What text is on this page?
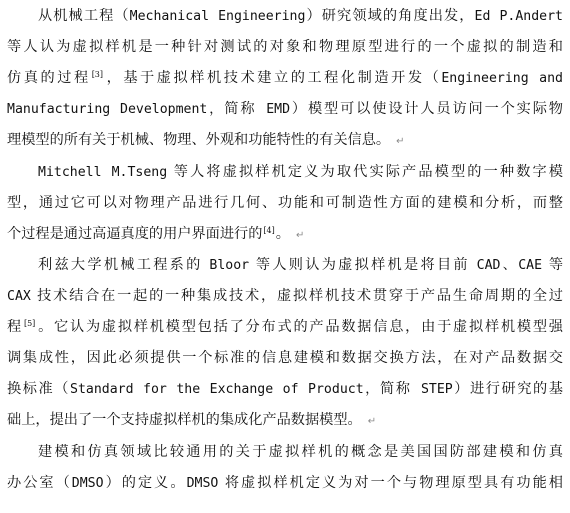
从机械工程（Mechanical Engineering）研究领域的角度出发，Ed P.Andert
等人认为虚拟样机是一种针对测试的对象和物理原型进行的一个虚拟的制造和
仿真的过程[3]，基于虚拟样机技术建立的工程化制造开发（Engineering and
Manufacturing Development，简称 EMD）模型可以使设计人员访问一个实际物
理模型的所有关于机械、物理、外观和功能特性的有关信息。 ↵
Mitchell M.Tseng 等人将虚拟样机定义为取代实际产品模型的一种数字模
型，通过它可以对物理产品进行几何、功能和可制造性方面的建模和分析，而整
个过程是通过高逼真度的用户界面进行的[4]。 ↵
利兹大学机械工程系的 Bloor 等人则认为虚拟样机是将目前 CAD、CAE 等
CAX 技术结合在一起的一种集成技术，虚拟样机技术贯穿于产品生命周期的全过
程[5]。它认为虚拟样机模型包括了分布式的产品数据信息，由于虚拟样机模型强
调集成性，因此必须提供一个标准的信息建模和数据交换方法，在对产品数据交
换标准（Standard for the Exchange of Product，简称 STEP）进行研究的基
础上，提出了一个支持虚拟样机的集成化产品数据模型。 ↵
建模和仿真领域比较通用的关于虚拟样机的概念是美国国防部建模和仿真
办公室（DMSO）的定义。DMSO 将虚拟样机定义为对一个与物理原型具有功能相
